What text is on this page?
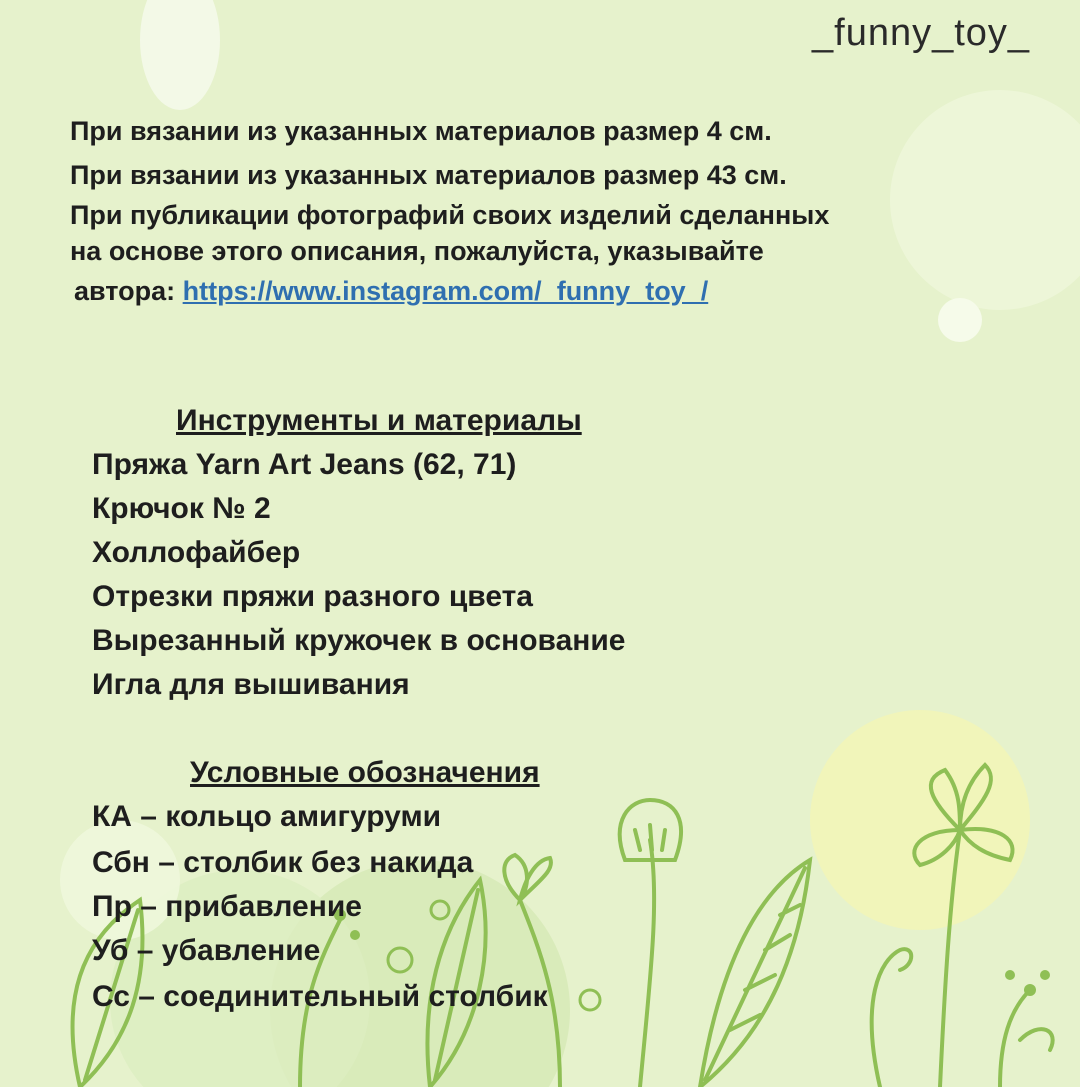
_funny_toy_
При вязании из указанных материалов размер 4 см.
При вязании из указанных материалов размер 43 см.
При публикации фотографий своих изделий сделанных
на основе этого описания, пожалуйста, указывайте
автора: https://www.instagram.com/_funny_toy_/
Инструменты и материалы
Пряжа Yarn Art Jeans (62, 71)
Крючок № 2
Холлофайбер
Отрезки пряжи разного цвета
Вырезанный кружочек в основание
Игла для вышивания
Условные обозначения
КА – кольцо амигуруми
Сбн – столбик без накида
Пр – прибавление
Уб – убавление
Сс – соединительный столбик
